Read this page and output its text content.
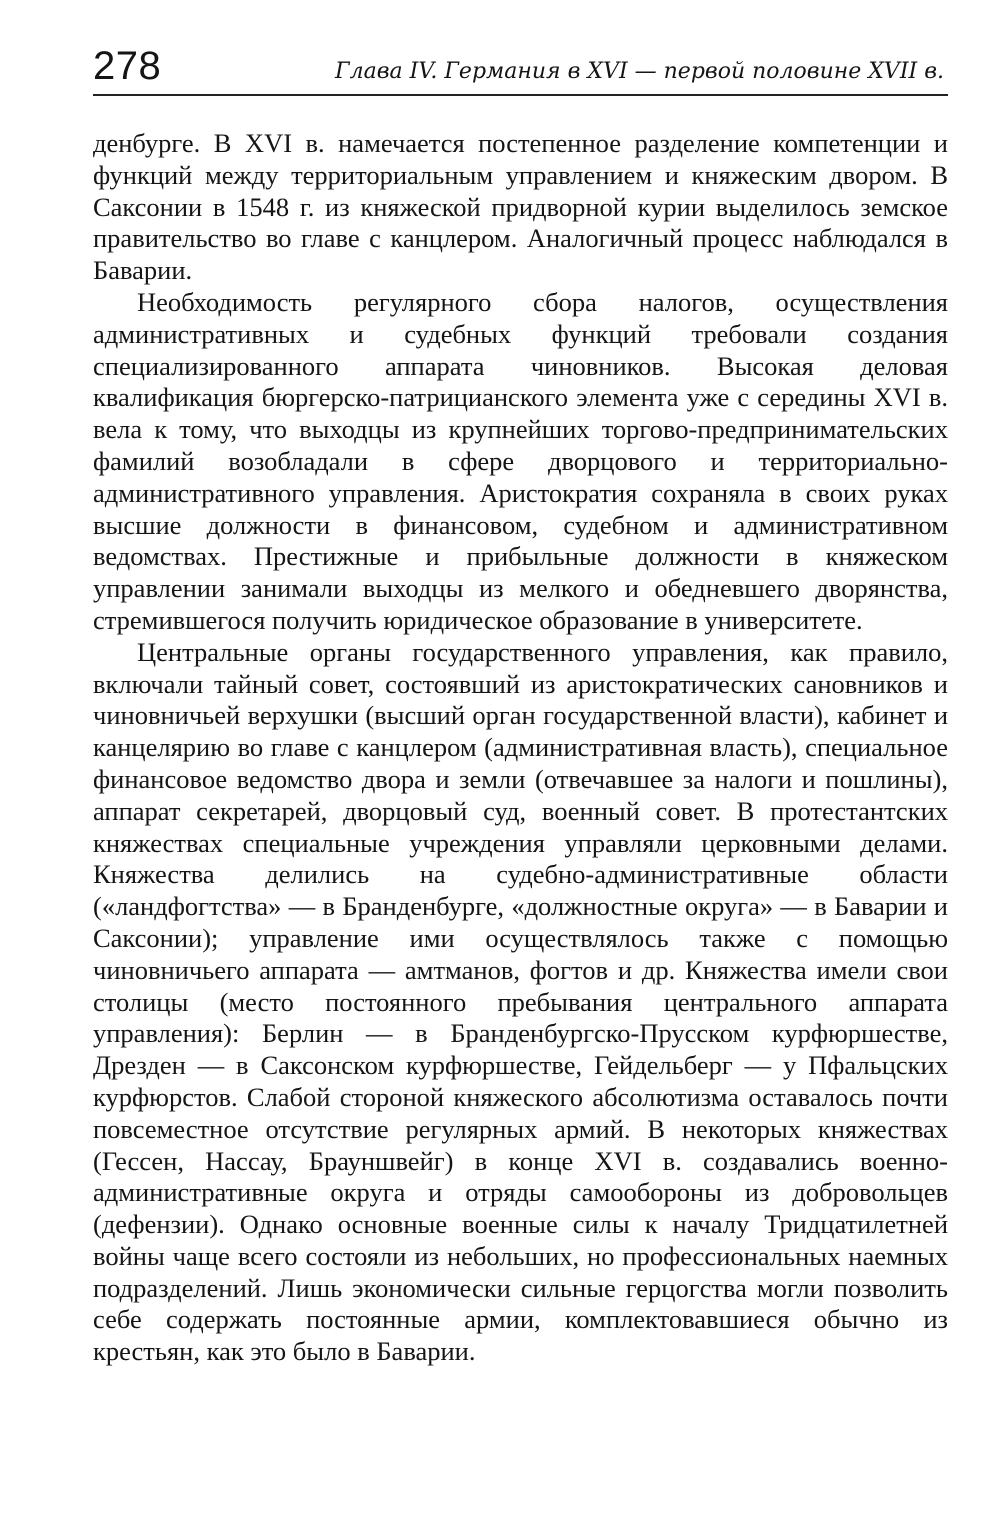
278	Глава IV. Германия в XVI — первой половине XVII в.

денбурге. В XVI в. намечается постепенное разделение компетенции и функций между территориальным управлением и княжеским двором. В Саксонии в 1548 г. из княжеской придворной курии выделилось земское правительство во главе с канцлером. Аналогичный процесс наблюдался в Баварии.

Необходимость регулярного сбора налогов, осуществления административных и судебных функций требовали создания специализированного аппарата чиновников. Высокая деловая квалификация бюргерско-патрицианского элемента уже с середины XVI в. вела к тому, что выходцы из крупнейших торгово-предпринимательских фамилий возобладали в сфере дворцового и территориально-административного управления. Аристократия сохраняла в своих руках высшие должности в финансовом, судебном и административном ведомствах. Престижные и прибыльные должности в княжеском управлении занимали выходцы из мелкого и обедневшего дворянства, стремившегося получить юридическое образование в университете.

Центральные органы государственного управления, как правило, включали тайный совет, состоявший из аристократических сановников и чиновничьей верхушки (высший орган государственной власти), кабинет и канцелярию во главе с канцлером (административная власть), специальное финансовое ведомство двора и земли (отвечавшее за налоги и пошлины), аппарат секретарей, дворцовый суд, военный совет. В протестантских княжествах специальные учреждения управляли церковными делами. Княжества делились на судебно-административные области («ландфогтства» — в Бранденбурге, «должностные округа» — в Баварии и Саксонии); управление ими осуществлялось также с помощью чиновничьего аппарата — амтманов, фогтов и др. Княжества имели свои столицы (место постоянного пребывания центрального аппарата управления): Берлин — в Бранденбургско-Прусском курфюршестве, Дрезден — в Саксонском курфюршестве, Гейдельберг — у Пфальцских курфюрстов. Слабой стороной княжеского абсолютизма оставалось почти повсеместное отсутствие регулярных армий. В некоторых княжествах (Гессен, Нассау, Брауншвейг) в конце XVI в. создавались военно-административные округа и отряды самообороны из добровольцев (дефензии). Однако основные военные силы к началу Тридцатилетней войны чаще всего состояли из небольших, но профессиональных наемных подразделений. Лишь экономически сильные герцогства могли позволить себе содержать постоянные армии, комплектовавшиеся обычно из крестьян, как это было в Баварии.
